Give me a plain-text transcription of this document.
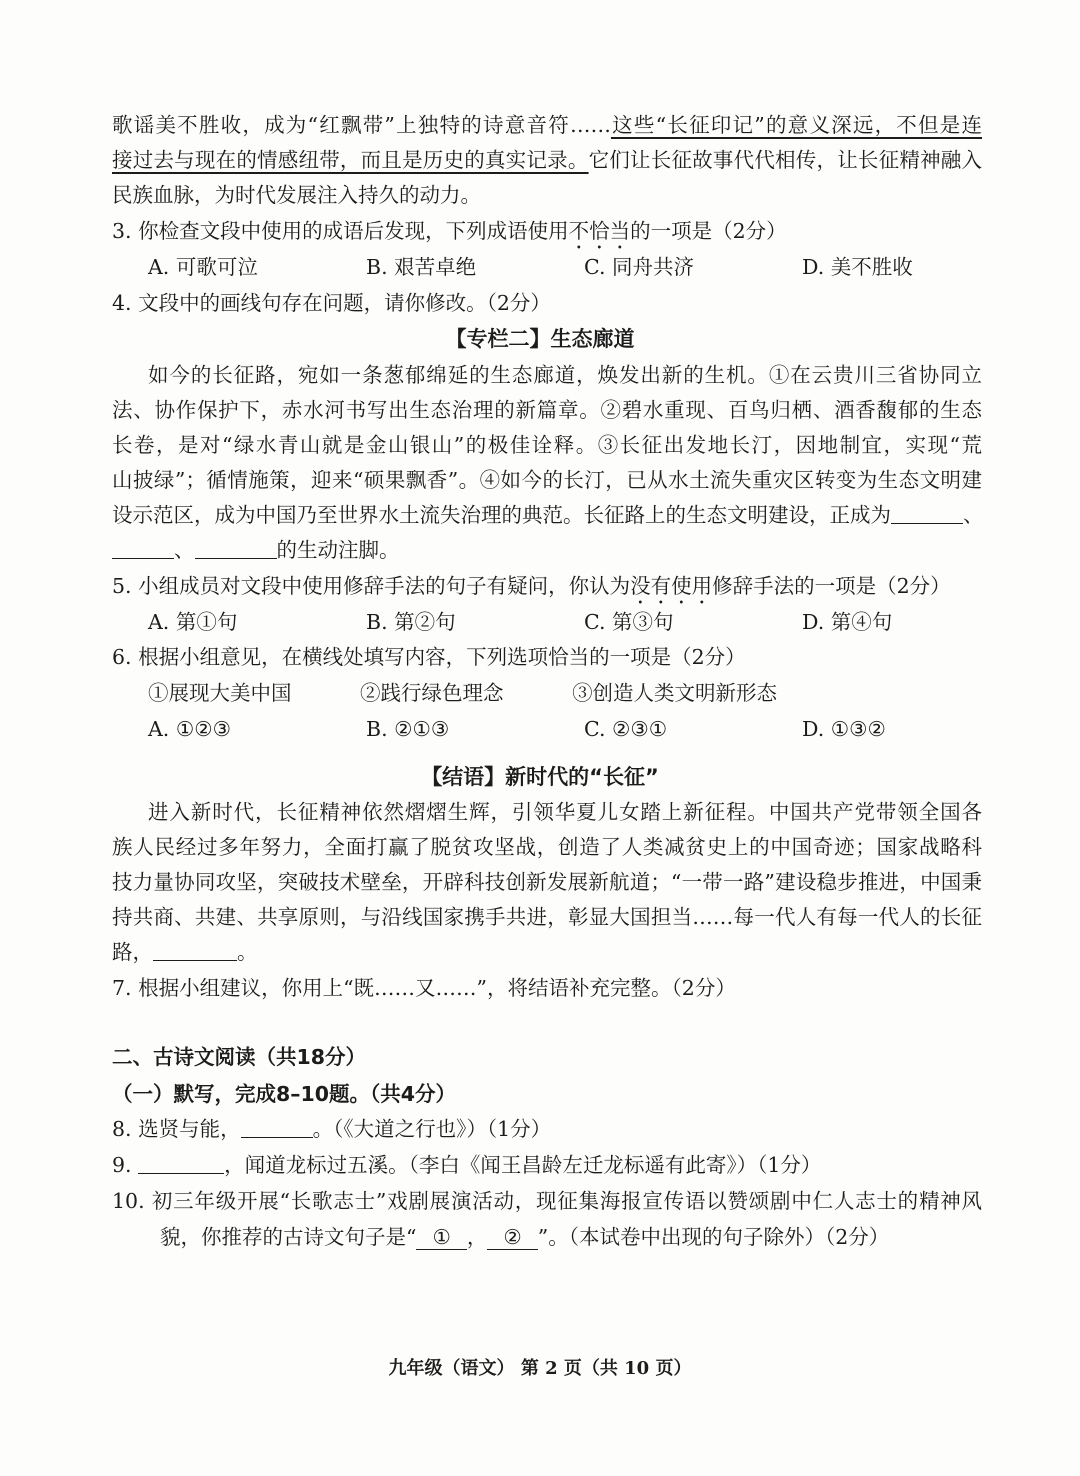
歌谣美不胜收，成为“红飘带”上独特的诗意音符……这些“长征印记”的意义深远，不但是连
接过去与现在的情感纽带，而且是历史的真实记录。它们让长征故事代代相传，让长征精神融入
民族血脉，为时代发展注入持久的动力。
3. 你检查文段中使用的成语后发现，下列成语使用不恰当的一项是（2分）
A. 可歌可泣	B. 艰苦卓绝	C. 同舟共济	D. 美不胜收
4. 文段中的画线句存在问题，请你修改。（2分）
【专栏二】生态廊道
如今的长征路，宛如一条葱郁绵延的生态廊道，焕发出新的生机。①在云贵川三省协同立
法、协作保护下，赤水河书写出生态治理的新篇章。②碧水重现、百鸟归栖、酒香馥郁的生态
长卷，是对“绿水青山就是金山银山”的极佳诠释。③长征出发地长汀，因地制宜，实现“荒
山披绿”；循情施策，迎来“硕果飘香”。④如今的长汀，已从水土流失重灾区转变为生态文明建
设示范区，成为中国乃至世界水土流失治理的典范。长征路上的生态文明建设，正成为	、
、	的生动注脚。
5. 小组成员对文段中使用修辞手法的句子有疑问，你认为没有使用修辞手法的一项是（2分）
A. 第①句	B. 第②句	C. 第③句	D. 第④句
6. 根据小组意见，在横线处填写内容，下列选项恰当的一项是（2分）
①展现大美中国	②践行绿色理念	③创造人类文明新形态
A. ①②③	B. ②①③	C. ②③①	D. ①③②
【结语】新时代的“长征”
进入新时代，长征精神依然熠熠生辉，引领华夏儿女踏上新征程。中国共产党带领全国各
族人民经过多年努力，全面打赢了脱贫攻坚战，创造了人类减贫史上的中国奇迹；国家战略科
技力量协同攻坚，突破技术壁垒，开辟科技创新发展新航道；“一带一路”建设稳步推进，中国秉
持共商、共建、共享原则，与沿线国家携手共进，彰显大国担当……每一代人有每一代人的长征
路，	。
7. 根据小组建议，你用上“既……又……”，将结语补充完整。（2分）
二、古诗文阅读（共18分）
（一）默写，完成8–10题。（共4分）
8. 选贤与能，	。（《大道之行也》）（1分）
9.	，闻道龙标过五溪。（李白《闻王昌龄左迁龙标遥有此寄》）（1分）
10. 初三年级开展“长歌志士”戏剧展演活动，现征集海报宣传语以赞颂剧中仁人志士的精神风
貌，你推荐的古诗文句子是“ ① ， ② ”。（本试卷中出现的句子除外）（2分）
九年级（语文） 第 2 页（共 10 页）
